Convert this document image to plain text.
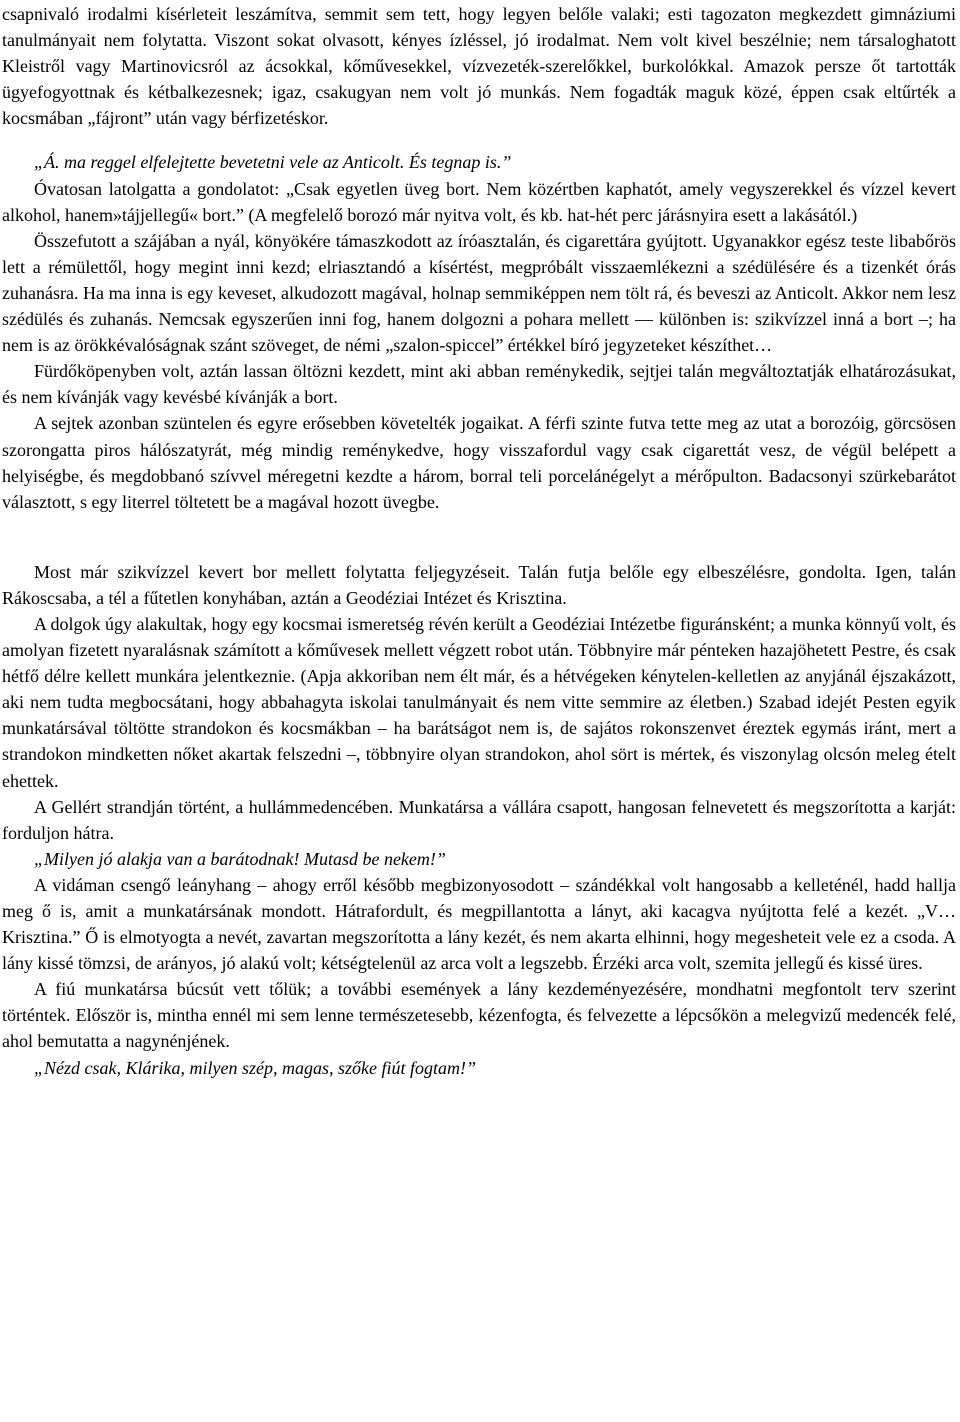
csapnivaló irodalmi kísérleteit leszámítva, semmit sem tett, hogy legyen belőle valaki; esti tagozaton megkezdett gimnáziumi tanulmányait nem folytatta. Viszont sokat olvasott, kényes ízléssel, jó irodalmat. Nem volt kivel beszélnie; nem társaloghatott Kleistről vagy Martinovicsról az ácsokkal, kőművesekkel, vízvezeték-szerelőkkel, burkolókkal. Amazok persze őt tartották ügyefogyottnak és kétbalkezesnek; igaz, csakugyan nem volt jó munkás. Nem fogadták maguk közé, éppen csak eltűrték a kocsmában „fájront” után vagy bérfizetéskor.

„Á. ma reggel elfelejtette bevetetni vele az Anticolt. És tegnap is.”

Óvatosan latolgatta a gondolatot: „Csak egyetlen üveg bort. Nem közértben kaphatót, amely vegyszerekkel és vízzel kevert alkohol, hanem»tájjellegű« bort.” (A megfelelő borozó már nyitva volt, és kb. hat-hét perc járásnyira esett a lakásától.)

Összefutott a szájában a nyál, könyökére támaszkodott az íróasztalán, és cigarettára gyújtott. Ugyanakkor egész teste libabőrös lett a rémülettől, hogy megint inni kezd; elriasztandó a kísértést, megpróbált visszaemlékezni a szédülésére és a tizenkét órás zuhanásra. Ha ma inna is egy keveset, alkudozott magával, holnap semmiképpen nem tölt rá, és beveszi az Anticolt. Akkor nem lesz szédülés és zuhanás. Nemcsak egyszerűen inni fog, hanem dolgozni a pohara mellett — különben is: szikvízzel inná a bort –; ha nem is az örökkévalóságnak szánt szöveget, de némi „szalon-spiccel” értékkel bíró jegyzeteket készíthet…

Fürdőköpenyben volt, aztán lassan öltözni kezdett, mint aki abban reménykedik, sejtjei talán megváltoztatják elhatározásukat, és nem kívánják vagy kevésbé kívánják a bort.

A sejtek azonban szüntelen és egyre erősebben követelték jogaikat. A férfi szinte futva tette meg az utat a borozóig, görcsösen szorongatta piros hálószatyrát, még mindig reménykedve, hogy visszafordul vagy csak cigarettát vesz, de végül belépett a helyiségbe, és megdobbanó szívvel méregetni kezdte a három, borral teli porcelánégelyt a mérőpulton. Badacsonyi szürkebarátot választott, s egy literrel töltetett be a magával hozott üvegbe.

Most már szikvízzel kevert bor mellett folytatta feljegyzéseit. Talán futja belőle egy elbeszélésre, gondolta. Igen, talán Rákoscsaba, a tél a fűtetlen konyhában, aztán a Geodéziai Intézet és Krisztina.

A dolgok úgy alakultak, hogy egy kocsmai ismeretség révén került a Geodéziai Intézetbe figuránsként; a munka könnyű volt, és amolyan fizetett nyaralásnak számított a kőművesek mellett végzett robot után. Többnyire már pénteken hazajöhetett Pestre, és csak hétfő délre kellett munkára jelentkeznie. (Apja akkoriban nem élt már, és a hétvégeken kénytelen-kelletlen az anyjánál éjszakázott, aki nem tudta megbocsátani, hogy abbahagyta iskolai tanulmányait és nem vitte semmire az életben.) Szabad idejét Pesten egyik munkatársával töltötte strandokon és kocsmákban – ha barátságot nem is, de sajátos rokonszenvet éreztek egymás iránt, mert a strandokon mindketten nőket akartak felszedni –, többnyire olyan strandokon, ahol sört is mértek, és viszonylag olcsón meleg ételt ehettek.

A Gellért strandján történt, a hullámmedencében. Munkatársa a vállára csapott, hangosan felnevetett és megszorította a karját: forduljon hátra.

„Milyen jó alakja van a barátodnak! Mutasd be nekem!”

A vidáman csengő leányhang – ahogy erről később megbizonyosodott – szándékkal volt hangosabb a kelleténél, hadd hallja meg ő is, amit a munkatársának mondott. Hátrafordult, és megpillantotta a lányt, aki kacagva nyújtotta felé a kezét. „V… Krisztina.” Ő is elmotyogta a nevét, zavartan megszorította a lány kezét, és nem akarta elhinni, hogy megesheteit vele ez a csoda. A lány kissé tömzsi, de arányos, jó alakú volt; kétségtelenül az arca volt a legszebb. Érzéki arca volt, szemita jellegű és kissé üres.

A fiú munkatársa búcsút vett tőlük; a további események a lány kezdeményezésére, mondhatni megfontolt terv szerint történtek. Először is, mintha ennél mi sem lenne természetesebb, kézenfogta, és felvezette a lépcsőkön a melegvizű medencék felé, ahol bemutatta a nagynénjének.

„Nézd csak, Klárika, milyen szép, magas, szőke fiút fogtam!”
